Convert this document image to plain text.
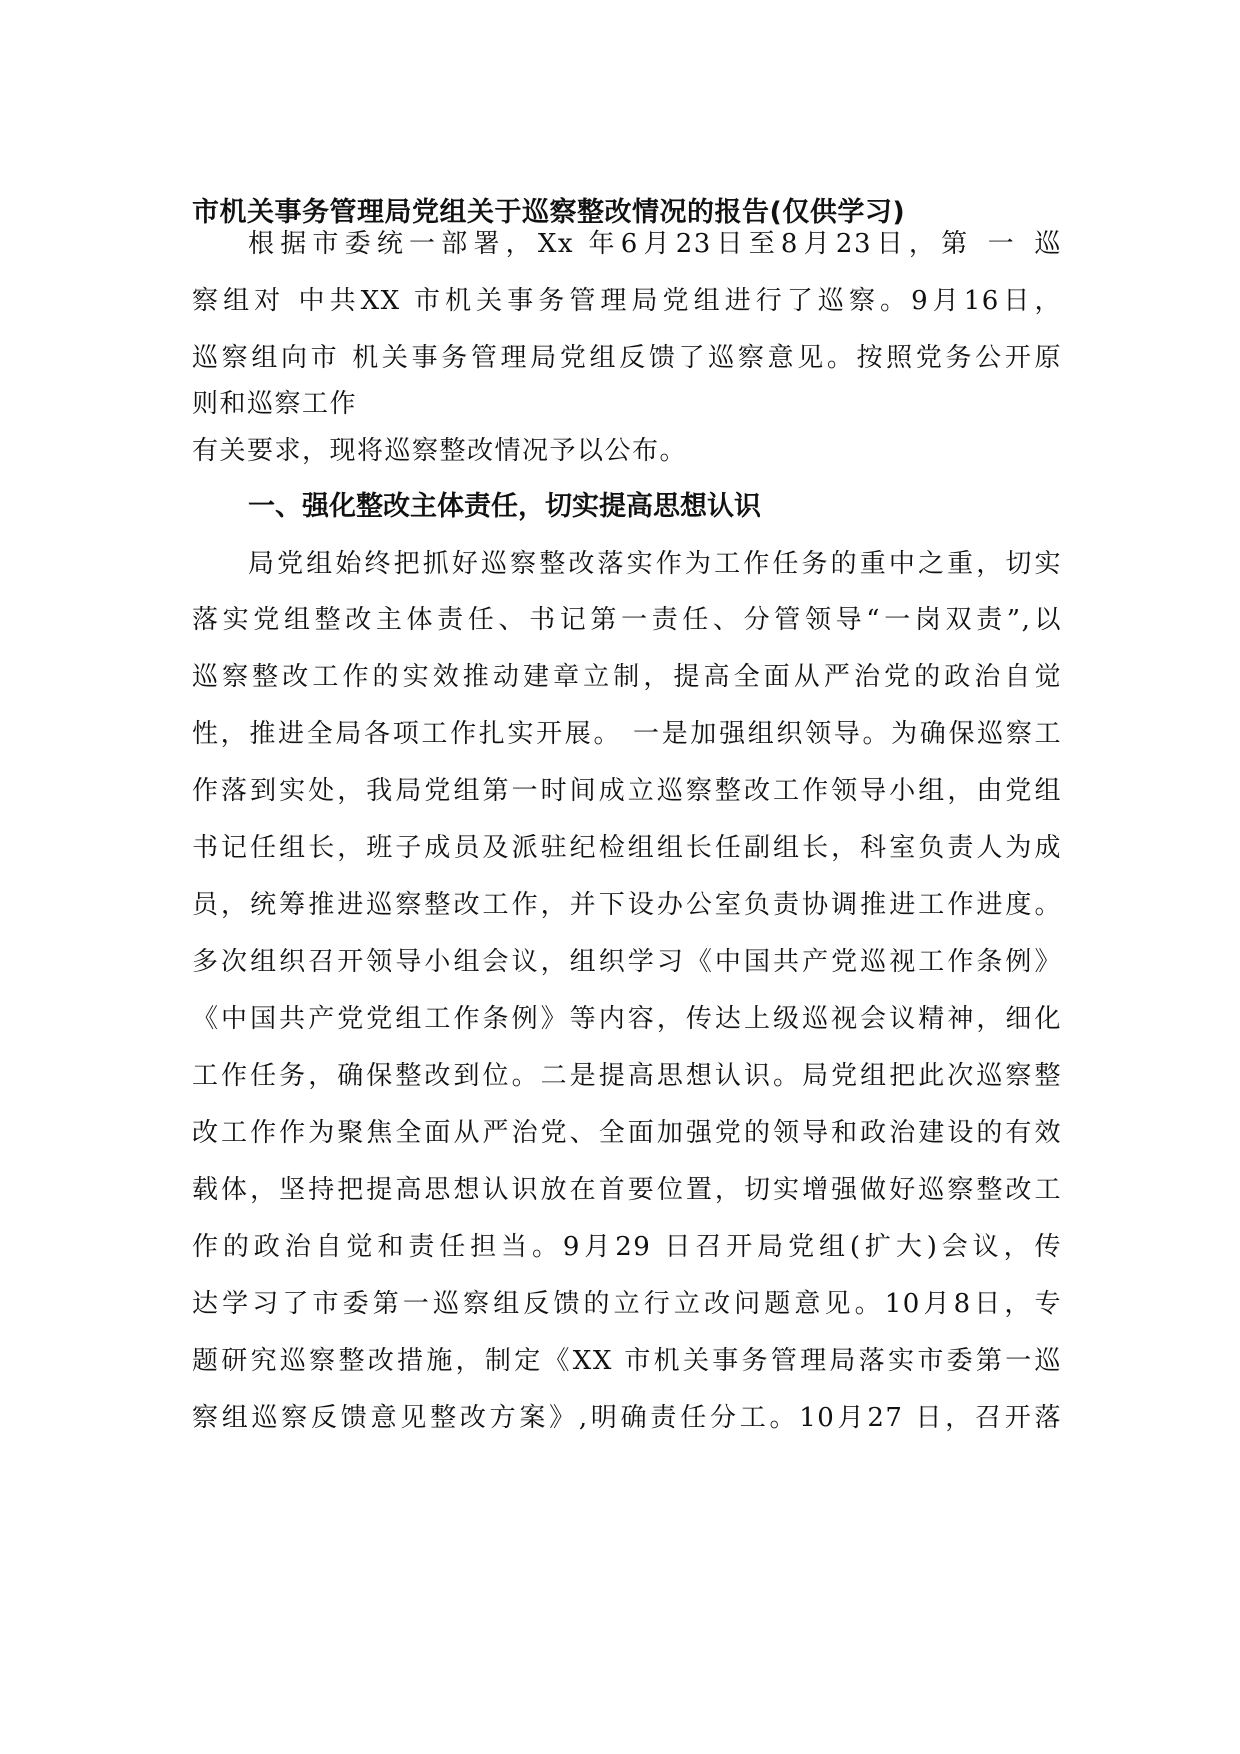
市机关事务管理局党组关于巡察整改情况的报告(仅供学习)

根据市委统一部署，Xx 年6月23日至8月23日，第 一 巡

察组对 中共XX 市机关事务管理局党组进行了巡察。9月16日，

巡察组向市 机关事务管理局党组反馈了巡察意见。按照党务公开原

则和巡察工作

有关要求，现将巡察整改情况予以公布。

一、强化整改主体责任，切实提高思想认识

局党组始终把抓好巡察整改落实作为工作任务的重中之重，切实

落实党组整改主体责任、书记第一责任、分管领导“一岗双责”,以

巡察整改工作的实效推动建章立制，提高全面从严治党的政治自觉

性，推进全局各项工作扎实开展。 一是加强组织领导。为确保巡察工

作落到实处，我局党组第一时间成立巡察整改工作领导小组，由党组

书记任组长，班子成员及派驻纪检组组长任副组长，科室负责人为成

员，统筹推进巡察整改工作，并下设办公室负责协调推进工作进度。

多次组织召开领导小组会议，组织学习《中国共产党巡视工作条例》

《中国共产党党组工作条例》等内容，传达上级巡视会议精神，细化

工作任务，确保整改到位。二是提高思想认识。局党组把此次巡察整

改工作作为聚焦全面从严治党、全面加强党的领导和政治建设的有效

载体，坚持把提高思想认识放在首要位置，切实增强做好巡察整改工

作的政治自觉和责任担当。9月29 日召开局党组(扩大)会议，传

达学习了市委第一巡察组反馈的立行立改问题意见。10月8日，专

题研究巡察整改措施，制定《XX 市机关事务管理局落实市委第一巡

察组巡察反馈意见整改方案》,明确责任分工。10月27 日，召开落
